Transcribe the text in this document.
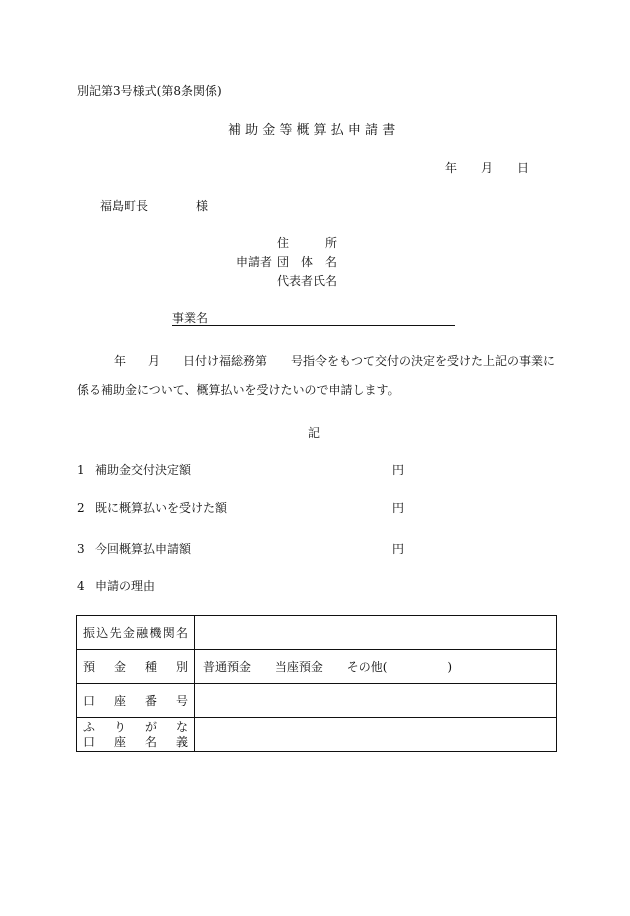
別記第3号様式(第8条関係)
補 助 金 等 概 算 払 申 請 書
年 月 日
福島町長	様
住　　所
申請者 団　体　名
代表者氏名
事業名
年 月 日付け福総務第 号指令をもつて交付の決定を受けた上記の事業に
係る補助金について、概算払いを受けたいので申請します。
記
1 補助金交付決定額	円
2 既に概算払いを受けた額	円
3 今回概算払申請額	円
4 申請の理由
振込先金融機関名	

預金種別	普通預金 当座預金 その他(　　　　　)

口座番号	

ふりがな
口座名義	
